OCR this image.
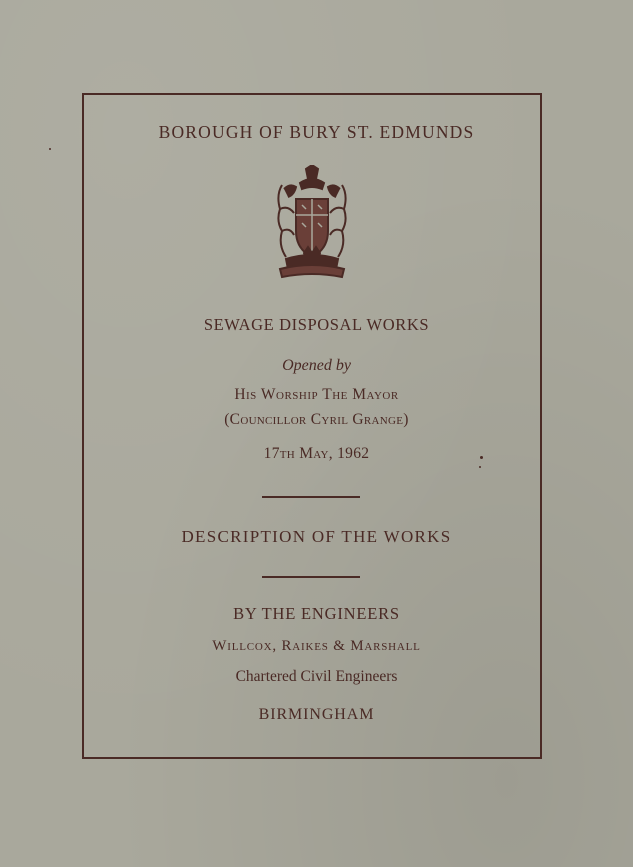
BOROUGH OF BURY ST. EDMUNDS
SEWAGE DISPOSAL WORKS
Opened by
His Worship The Mayor
(Councillor Cyril Grange)
17th May, 1962
DESCRIPTION OF THE WORKS
BY THE ENGINEERS
Willcox, Raikes & Marshall
Chartered Civil Engineers
BIRMINGHAM
